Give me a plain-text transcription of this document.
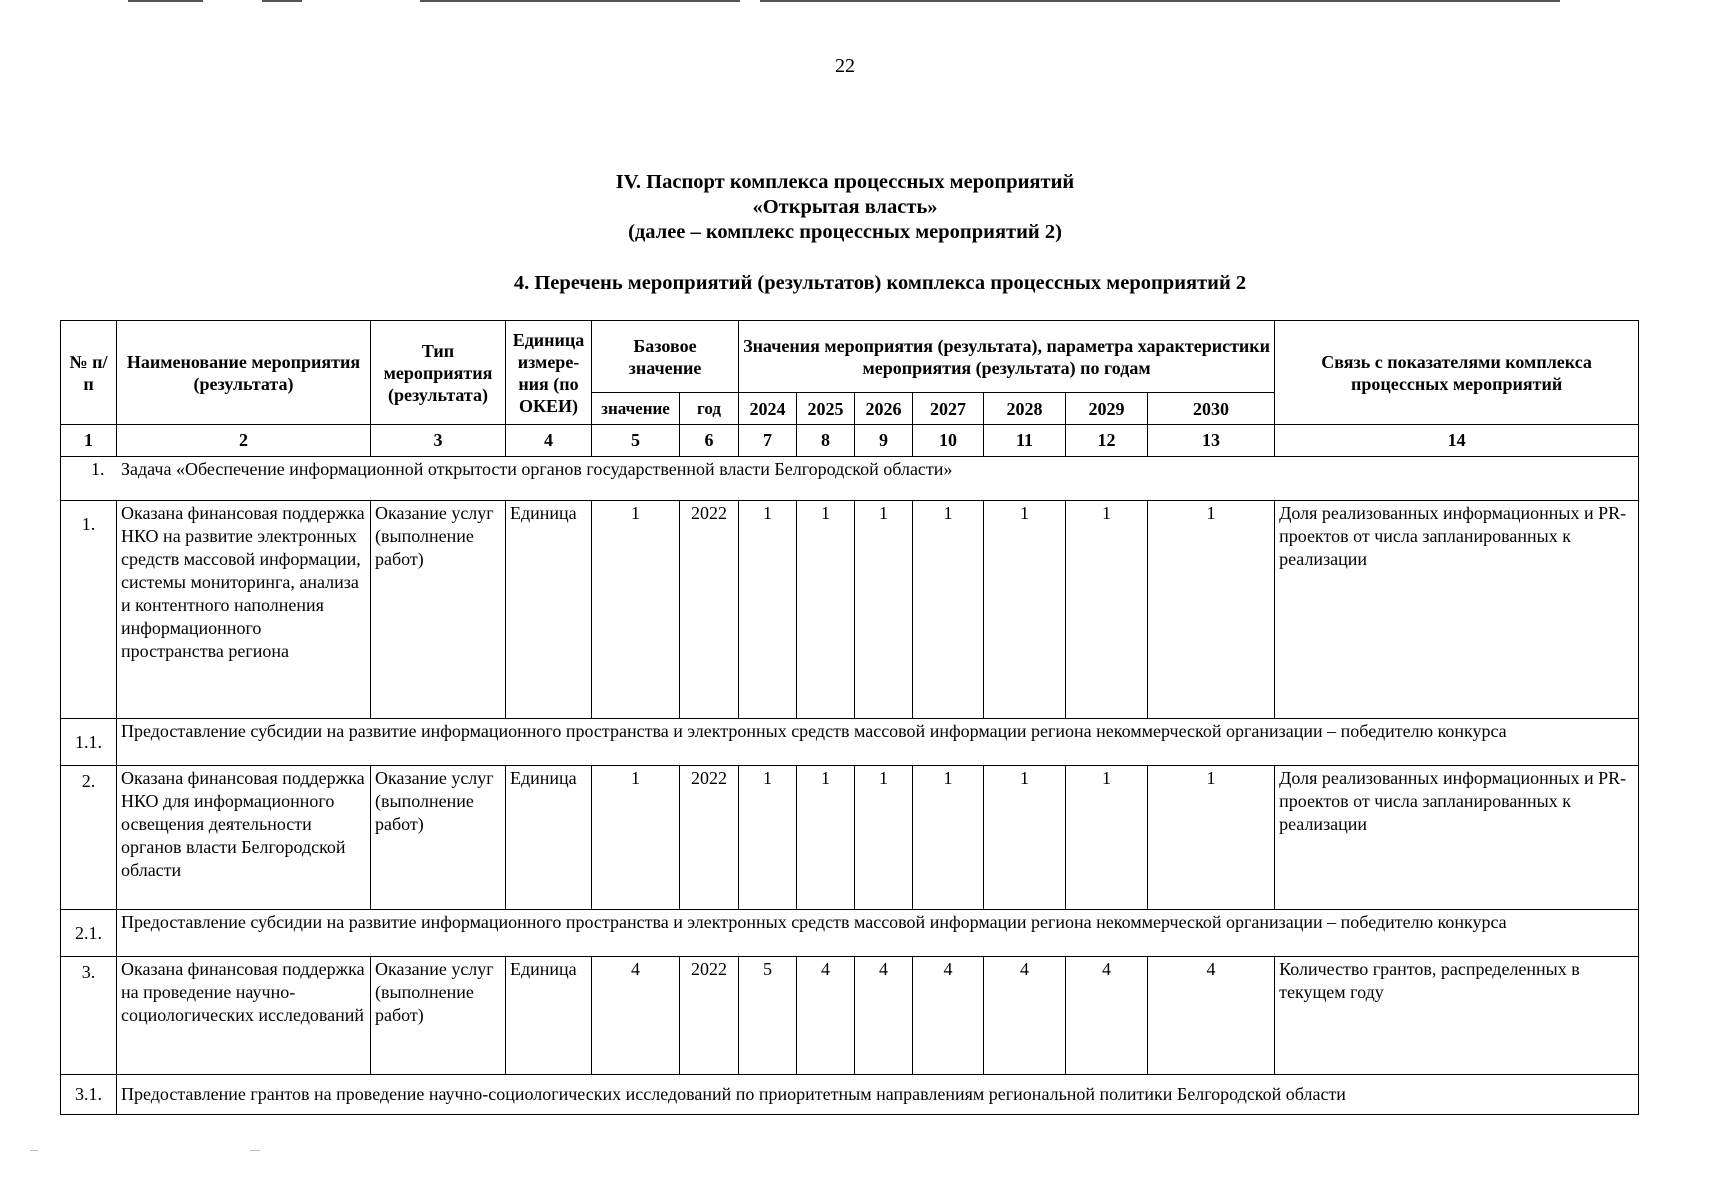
22
IV. Паспорт комплекса процессных мероприятий
«Открытая власть»
(далее – комплекс процессных мероприятий 2)
4. Перечень мероприятий (результатов) комплекса процессных мероприятий 2
№ п/п	Наименование мероприятия (результата)	Тип мероприятия (результата)	Единица измере-ния (по ОКЕИ)	Базовое значение		Значения мероприятия (результата), параметра характеристики мероприятия (результата) по годам							Связь с показателями комплекса процессных мероприятий
				значение	год	2024	2025	2026	2027	2028	2029	2030	
1	2	3	4	5	6	7	8	9	10	11	12	13	14
1. Задача «Обеспечение информационной открытости органов государственной власти Белгородской области»													
1.	Оказана финансовая поддержка НКО на развитие электронных средств массовой информации, системы мониторинга, анализа и контентного наполнения информационного пространства региона	Оказание услуг (выполнение работ)	Единица	1	2022	1	1	1	1	1	1	1	Доля реализованных информационных и PR-проектов от числа запланированных к реализации
1.1.	Предоставление субсидии на развитие информационного пространства и электронных средств массовой информации региона некоммерческой организации – победителю конкурса												
2.	Оказана финансовая поддержка НКО для информационного освещения деятельности органов власти Белгородской области	Оказание услуг (выполнение работ)	Единица	1	2022	1	1	1	1	1	1	1	Доля реализованных информационных и PR-проектов от числа запланированных к реализации
2.1.	Предоставление субсидии на развитие информационного пространства и электронных средств массовой информации региона некоммерческой организации – победителю конкурса												
3.	Оказана финансовая поддержка на проведение научно-социологических исследований	Оказание услуг (выполнение работ)	Единица	4	2022	5	4	4	4	4	4	4	Количество грантов, распределенных в текущем году
3.1.	Предоставление грантов на проведение научно-социологических исследований по приоритетным направлениям региональной политики Белгородской области												
